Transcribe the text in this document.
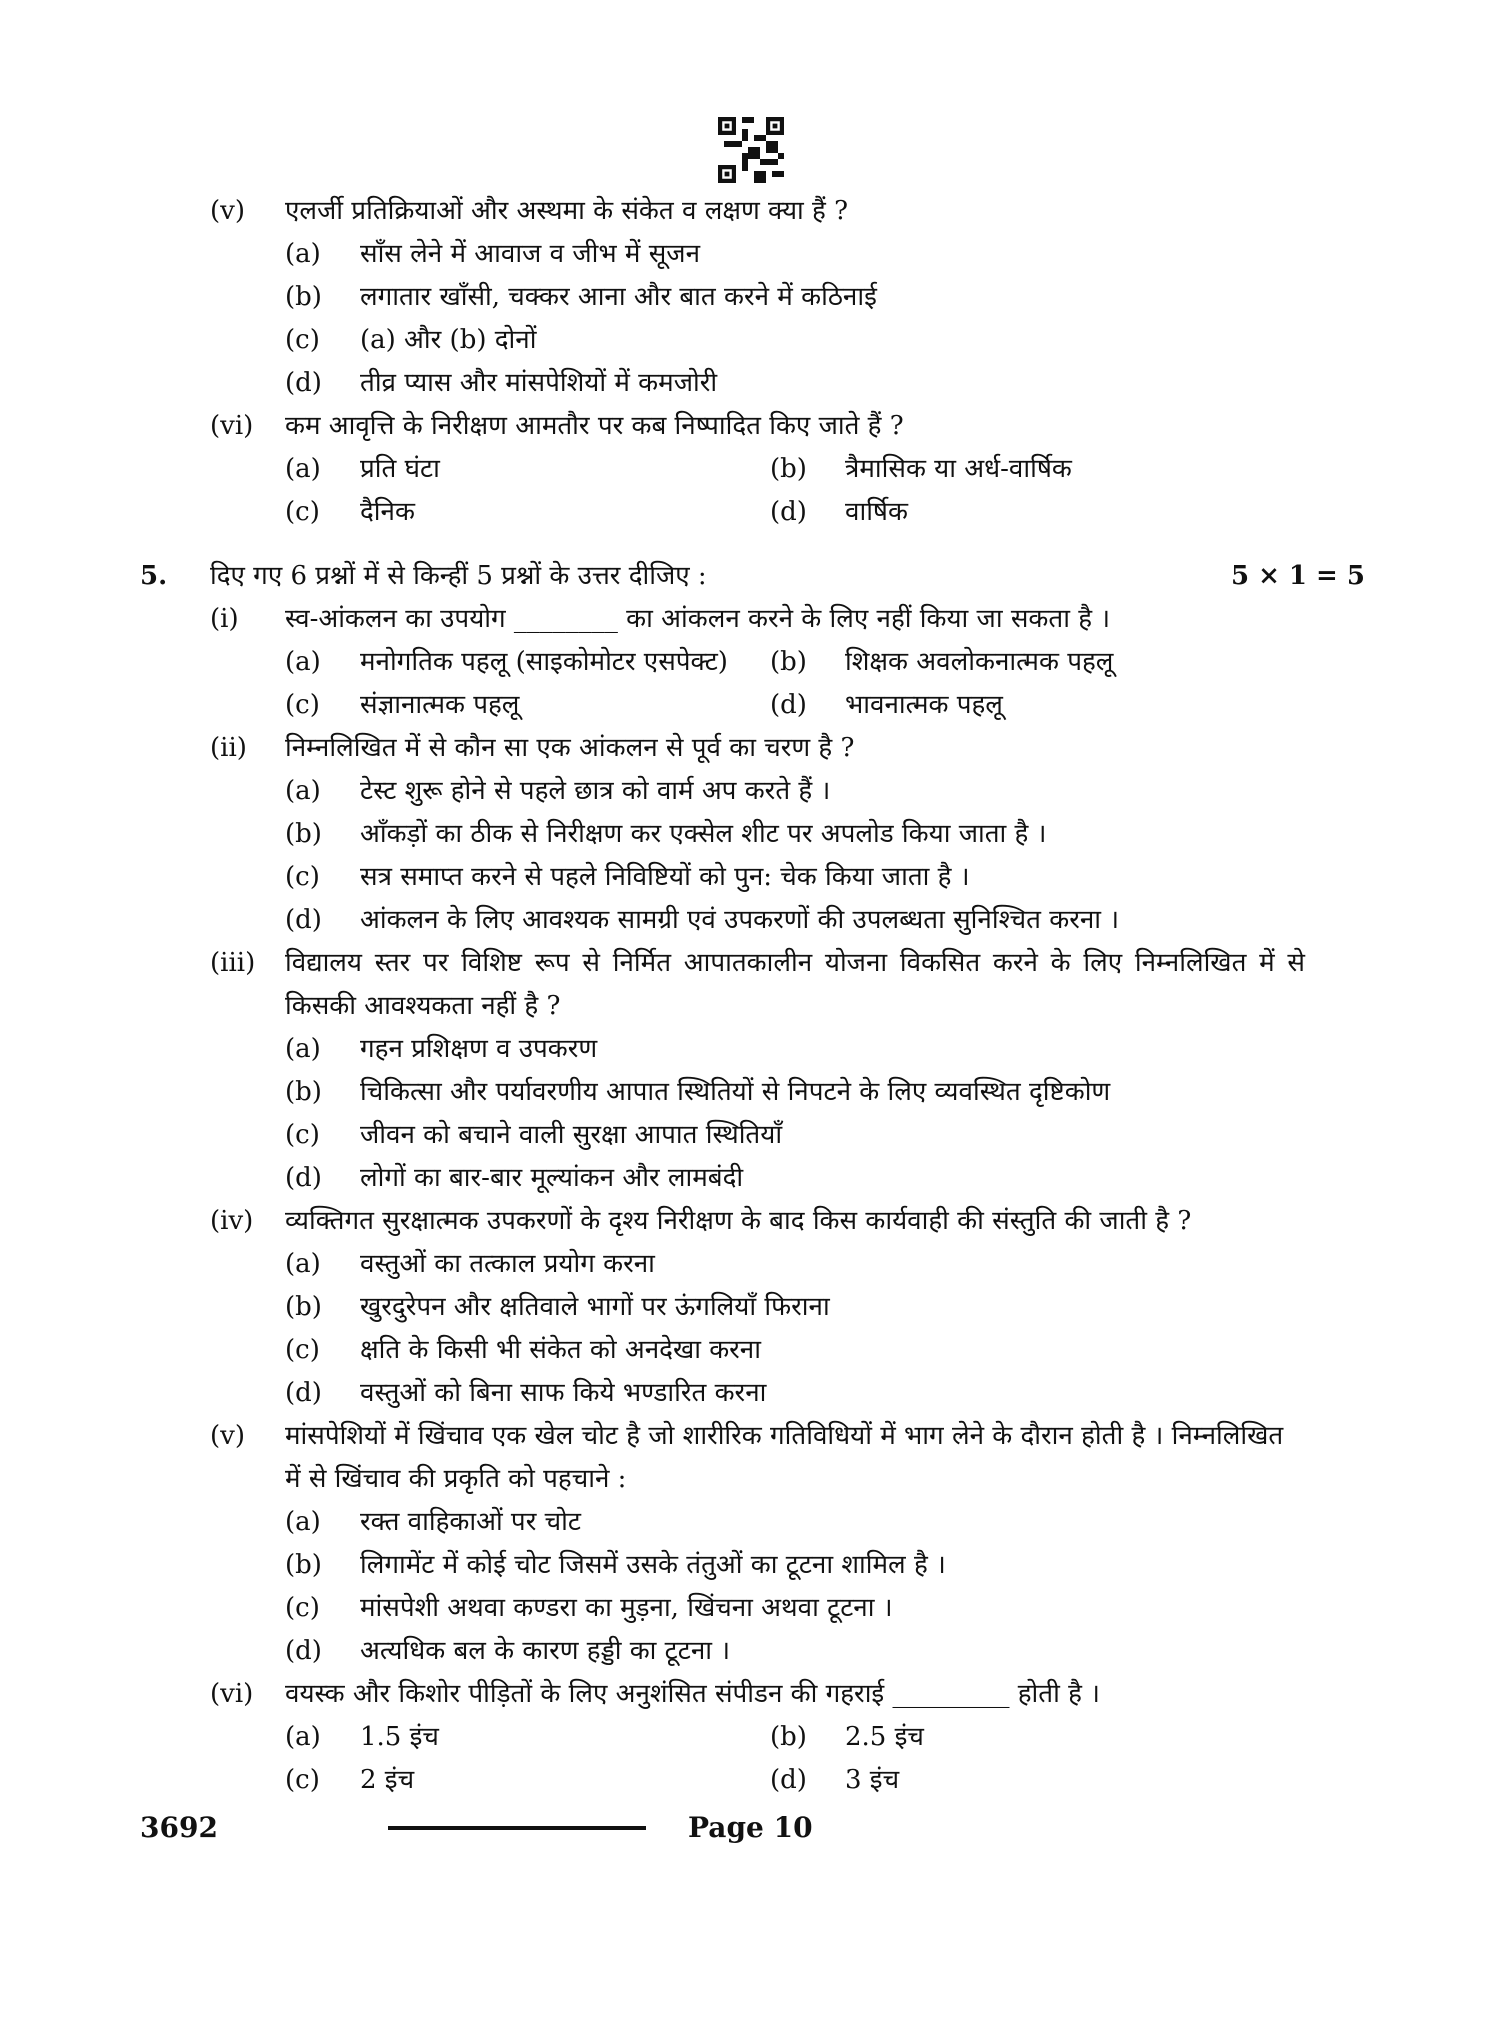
(v) एलर्जी प्रतिक्रियाओं और अस्थमा के संकेत व लक्षण क्या हैं ?
(a) साँस लेने में आवाज व जीभ में सूजन
(b) लगातार खाँसी, चक्कर आना और बात करने में कठिनाई
(c) (a) और (b) दोनों
(d) तीव्र प्यास और मांसपेशियों में कमजोरी
(vi) कम आवृत्ति के निरीक्षण आमतौर पर कब निष्पादित किए जाते हैं ?
(a) प्रति घंटा	(b) त्रैमासिक या अर्ध-वार्षिक
(c) दैनिक	(d) वार्षिक
5. दिए गए 6 प्रश्नों में से किन्हीं 5 प्रश्नों के उत्तर दीजिए :	5 × 1 = 5
(i) स्व-आंकलन का उपयोग ________ का आंकलन करने के लिए नहीं किया जा सकता है ।
(a) मनोगतिक पहलू (साइकोमोटर एसपेक्ट) (b) शिक्षक अवलोकनात्मक पहलू
(c) संज्ञानात्मक पहलू	(d) भावनात्मक पहलू
(ii) निम्नलिखित में से कौन सा एक आंकलन से पूर्व का चरण है ?
(a) टेस्ट शुरू होने से पहले छात्र को वार्म अप करते हैं ।
(b) आँकड़ों का ठीक से निरीक्षण कर एक्सेल शीट पर अपलोड किया जाता है ।
(c) सत्र समाप्त करने से पहले निविष्टियों को पुन: चेक किया जाता है ।
(d) आंकलन के लिए आवश्यक सामग्री एवं उपकरणों की उपलब्धता सुनिश्चित करना ।
(iii) विद्यालय स्तर पर विशिष्ट रूप से निर्मित आपातकालीन योजना विकसित करने के लिए निम्नलिखित में से किसकी आवश्यकता नहीं है ?
(a) गहन प्रशिक्षण व उपकरण
(b) चिकित्सा और पर्यावरणीय आपात स्थितियों से निपटने के लिए व्यवस्थित दृष्टिकोण
(c) जीवन को बचाने वाली सुरक्षा आपात स्थितियाँ
(d) लोगों का बार-बार मूल्यांकन और लामबंदी
(iv) व्यक्तिगत सुरक्षात्मक उपकरणों के दृश्य निरीक्षण के बाद किस कार्यवाही की संस्तुति की जाती है ?
(a) वस्तुओं का तत्काल प्रयोग करना
(b) खुरदुरेपन और क्षतिवाले भागों पर ऊंगलियाँ फिराना
(c) क्षति के किसी भी संकेत को अनदेखा करना
(d) वस्तुओं को बिना साफ किये भण्डारित करना
(v) मांसपेशियों में खिंचाव एक खेल चोट है जो शारीरिक गतिविधियों में भाग लेने के दौरान होती है । निम्नलिखित में से खिंचाव की प्रकृति को पहचाने :
(a) रक्त वाहिकाओं पर चोट
(b) लिगामेंट में कोई चोट जिसमें उसके तंतुओं का टूटना शामिल है ।
(c) मांसपेशी अथवा कण्डरा का मुड़ना, खिंचना अथवा टूटना ।
(d) अत्यधिक बल के कारण हड्डी का टूटना ।
(vi) वयस्क और किशोर पीड़ितों के लिए अनुशंसित संपीडन की गहराई _________ होती है ।
(a) 1.5 इंच	(b) 2.5 इंच
(c) 2 इंच	(d) 3 इंच
3692	Page 10
